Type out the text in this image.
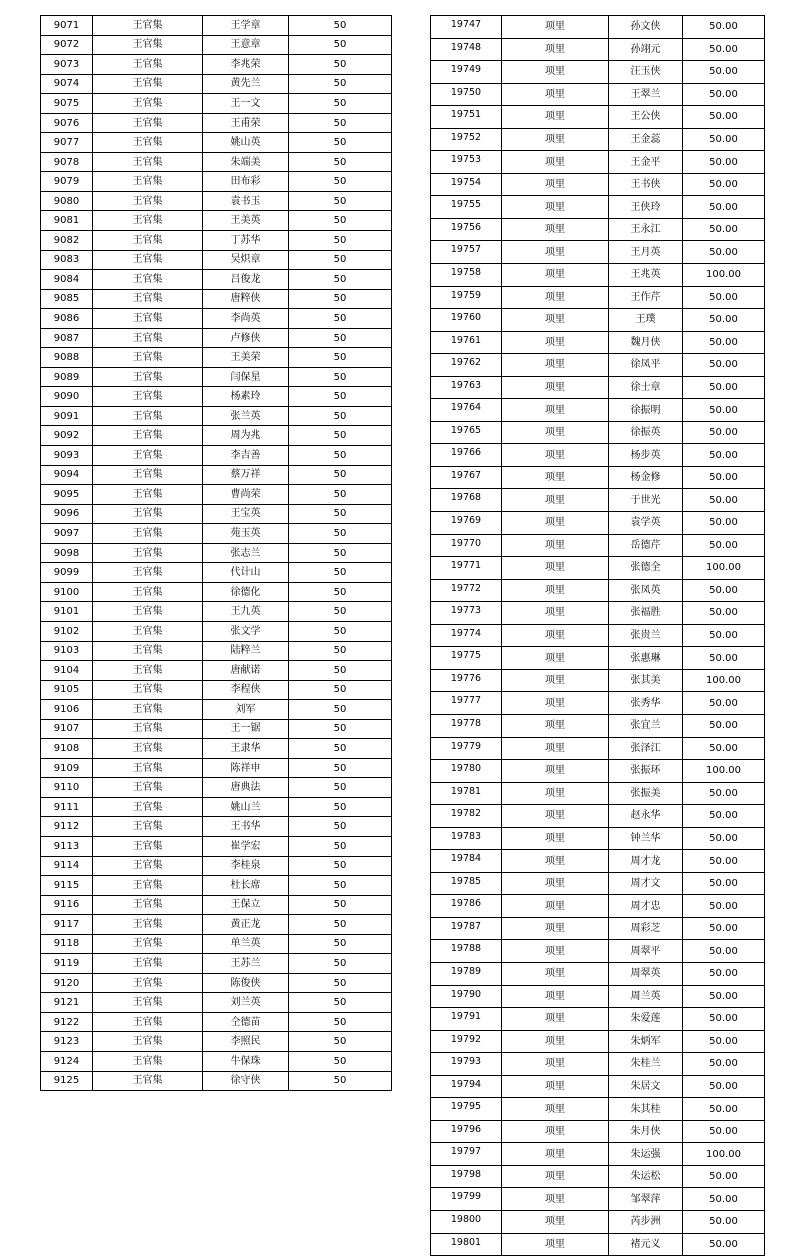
9071	王官集	王学章	50
9072	王官集	王意章	50
9073	王官集	李兆荣	50
9074	王官集	黄先兰	50
9075	王官集	王一文	50
9076	王官集	王甫荣	50
9077	王官集	姚山英	50
9078	王官集	朱端美	50
9079	王官集	田布彩	50
9080	王官集	袁书玉	50
9081	王官集	王美英	50
9082	王官集	丁苏华	50
9083	王官集	吴炽章	50
9084	王官集	吕俊龙	50
9085	王官集	唐粹侠	50
9086	王官集	李尚英	50
9087	王官集	卢修侠	50
9088	王官集	王美荣	50
9089	王官集	闫保星	50
9090	王官集	杨素玲	50
9091	王官集	张兰英	50
9092	王官集	周为兆	50
9093	王官集	李吉善	50
9094	王官集	蔡万祥	50
9095	王官集	曹尚荣	50
9096	王官集	王宝英	50
9097	王官集	苑玉英	50
9098	王官集	张志兰	50
9099	王官集	代计山	50
9100	王官集	徐德化	50
9101	王官集	王九英	50
9102	王官集	张文学	50
9103	王官集	陆粹兰	50
9104	王官集	唐献诺	50
9105	王官集	李程侠	50
9106	王官集	刘军	50
9107	王官集	王一锯	50
9108	王官集	王隶华	50
9109	王官集	陈祥申	50
9110	王官集	唐典法	50
9111	王官集	姚山兰	50
9112	王官集	王书华	50
9113	王官集	崔学宏	50
9114	王官集	李桂泉	50
9115	王官集	杜长席	50
9116	王官集	王保立	50
9117	王官集	黄正龙	50
9118	王官集	单兰英	50
9119	王官集	王苏兰	50
9120	王官集	陈俊侠	50
9121	王官集	刘兰英	50
9122	王官集	仝德苗	50
9123	王官集	李照民	50
9124	王官集	牛保珠	50
9125	王官集	徐守侠	50
19747	项里	孙文侠	50.00
19748	项里	孙翊元	50.00
19749	项里	汪玉侠	50.00
19750	项里	王翠兰	50.00
19751	项里	王公侠	50.00
19752	项里	王金蕊	50.00
19753	项里	王金平	50.00
19754	项里	王书侠	50.00
19755	项里	王侠玲	50.00
19756	项里	王永江	50.00
19757	项里	王月英	50.00
19758	项里	王兆英	100.00
19759	项里	王作芹	50.00
19760	项里	王璞	50.00
19761	项里	魏月侠	50.00
19762	项里	徐凤平	50.00
19763	项里	徐士章	50.00
19764	项里	徐振明	50.00
19765	项里	徐振英	50.00
19766	项里	杨步英	50.00
19767	项里	杨金修	50.00
19768	项里	于世光	50.00
19769	项里	袁学英	50.00
19770	项里	岳德芹	50.00
19771	项里	张德全	100.00
19772	项里	张凤英	50.00
19773	项里	张福胜	50.00
19774	项里	张贵兰	50.00
19775	项里	张惠琳	50.00
19776	项里	张其美	100.00
19777	项里	张秀华	50.00
19778	项里	张宜兰	50.00
19779	项里	张泽江	50.00
19780	项里	张振环	100.00
19781	项里	张振美	50.00
19782	项里	赵永华	50.00
19783	项里	钟兰华	50.00
19784	项里	周才龙	50.00
19785	项里	周才文	50.00
19786	项里	周才忠	50.00
19787	项里	周彩芝	50.00
19788	项里	周翠平	50.00
19789	项里	周翠英	50.00
19790	项里	周兰英	50.00
19791	项里	朱爱莲	50.00
19792	项里	朱炳军	50.00
19793	项里	朱桂兰	50.00
19794	项里	朱居文	50.00
19795	项里	朱其桂	50.00
19796	项里	朱月侠	50.00
19797	项里	朱运强	100.00
19798	项里	朱运松	50.00
19799	项里	邹翠萍	50.00
19800	项里	芮步洲	50.00
19801	项里	褚元义	50.00
